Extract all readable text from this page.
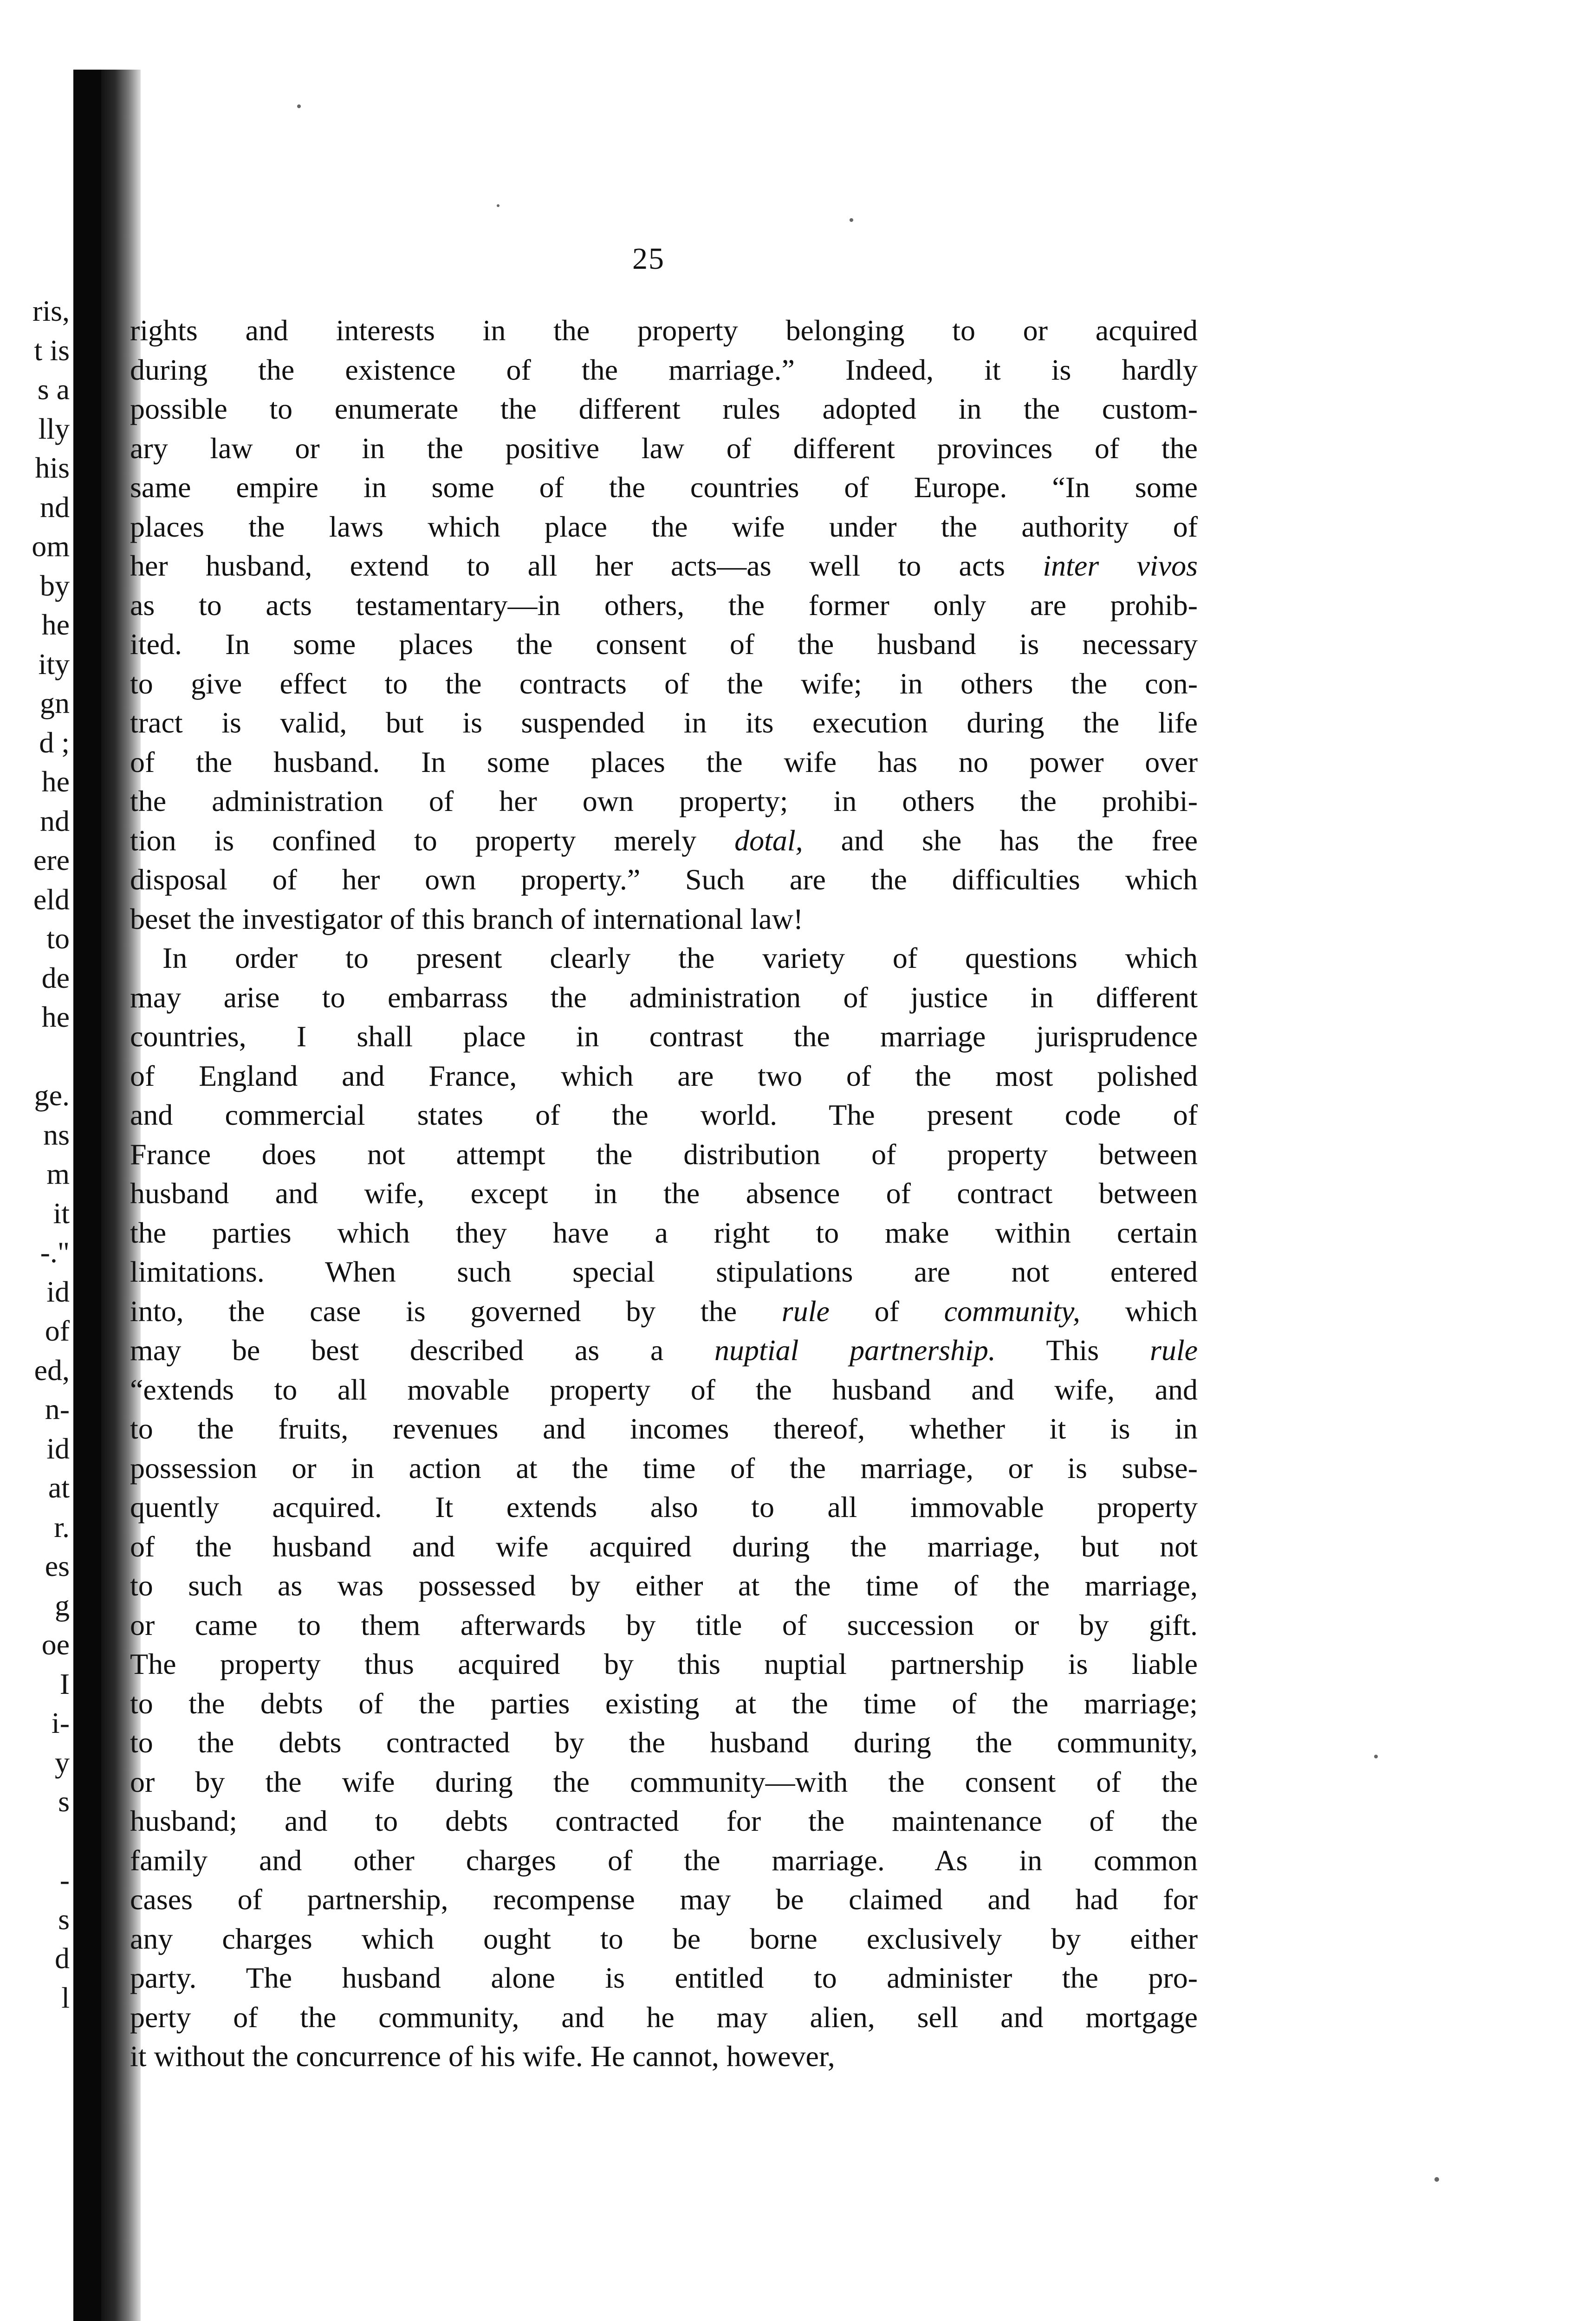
ris,
t is
s a
lly
his
nd
om
by
he
ity
gn
d ;
he
nd
ere
eld
to
de
he
ge.
ns
m
it
-."
id
of
ed,
n-
id
at
r.
es
g
oe
I
i-
y
s
-
s
d
l
25
rights and interests in the property belonging to or acquired
during the existence of the marriage.” Indeed, it is hardly
possible to enumerate the different rules adopted in the custom-
ary law or in the positive law of different provinces of the
same empire in some of the countries of Europe. “In some
places the laws which place the wife under the authority of
her husband, extend to all her acts—as well to acts inter vivos
as to acts testamentary—in others, the former only are prohib-
ited. In some places the consent of the husband is necessary
to give effect to the contracts of the wife; in others the con-
tract is valid, but is suspended in its execution during the life
of the husband. In some places the wife has no power over
the administration of her own property; in others the prohibi-
tion is confined to property merely dotal, and she has the free
disposal of her own property.” Such are the difficulties which
beset the investigator of this branch of international law!
In order to present clearly the variety of questions which
may arise to embarrass the administration of justice in different
countries, I shall place in contrast the marriage jurisprudence
of England and France, which are two of the most polished
and commercial states of the world. The present code of
France does not attempt the distribution of property between
husband and wife, except in the absence of contract between
the parties which they have a right to make within certain
limitations. When such special stipulations are not entered
into, the case is governed by the rule of community, which
may be best described as a nuptial partnership. This rule
“extends to all movable property of the husband and wife, and
to the fruits, revenues and incomes thereof, whether it is in
possession or in action at the time of the marriage, or is subse-
quently acquired. It extends also to all immovable property
of the husband and wife acquired during the marriage, but not
to such as was possessed by either at the time of the marriage,
or came to them afterwards by title of succession or by gift.
The property thus acquired by this nuptial partnership is liable
to the debts of the parties existing at the time of the marriage;
to the debts contracted by the husband during the community,
or by the wife during the community—with the consent of the
husband; and to debts contracted for the maintenance of the
family and other charges of the marriage. As in common
cases of partnership, recompense may be claimed and had for
any charges which ought to be borne exclusively by either
party. The husband alone is entitled to administer the pro-
perty of the community, and he may alien, sell and mortgage
it without the concurrence of his wife. He cannot, however,
